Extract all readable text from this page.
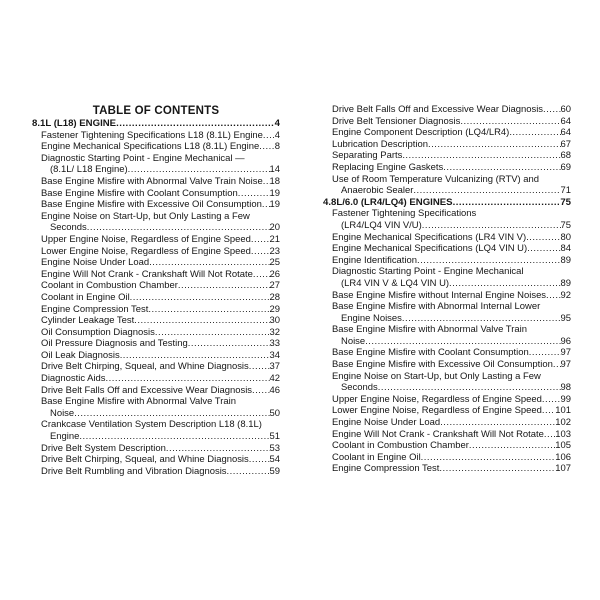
TABLE OF CONTENTS
8.1L (L18) ENGINE .....	4
Fastener Tightening Specifications L18 (8.1L) Engine ..... 4
Engine Mechanical Specifications L18 (8.1L) Engine ..... 8
Diagnostic Starting Point - Engine Mechanical —
(8.1L/ L18 Engine) .....	14
Base Engine Misfire with Abnormal Valve Train Noise ..... 18
Base Engine Misfire with Coolant Consumption .....	19
Base Engine Misfire with Excessive Oil Consumption ..... 19
Engine Noise on Start-Up, but Only Lasting a Few
Seconds .....	20
Upper Engine Noise, Regardless of Engine Speed ..... 21
Lower Engine Noise, Regardless of Engine Speed ..... 23
Engine Noise Under Load .....	25
Engine Will Not Crank - Crankshaft Will Not Rotate ..... 26
Coolant in Combustion Chamber .....	27
Coolant in Engine Oil .....	28
Engine Compression Test .....	29
Cylinder Leakage Test .....	30
Oil Consumption Diagnosis .....	32
Oil Pressure Diagnosis and Testing .....	33
Oil Leak Diagnosis .....	34
Drive Belt Chirping, Squeal, and Whine Diagnosis ..... 37
Diagnostic Aids .....	42
Drive Belt Falls Off and Excessive Wear Diagnosis ..... 46
Base Engine Misfire with Abnormal Valve Train
Noise .....	50
Crankcase Ventilation System Description L18 (8.1L)
Engine .....	51
Drive Belt System Description .....	53
Drive Belt Chirping, Squeal, and Whine Diagnosis ..... 54
Drive Belt Rumbling and Vibration Diagnosis .....	59
Drive Belt Falls Off and Excessive Wear Diagnosis ..... 60
Drive Belt Tensioner Diagnosis .....	64
Engine Component Description (LQ4/LR4) .....	64
Lubrication Description .....	67
Separating Parts .....	68
Replacing Engine Gaskets .....	69
Use of Room Temperature Vulcanizing (RTV) and
Anaerobic Sealer .....	71
4.8L/6.0 (LR4/LQ4) ENGINES .....	75
Fastener Tightening Specifications
(LR4/LQ4 VIN V/U) .....	75
Engine Mechanical Specifications (LR4 VIN V) .....	80
Engine Mechanical Specifications (LQ4 VIN U) .....	84
Engine Identification .....	89
Diagnostic Starting Point - Engine Mechanical
(LR4 VIN V & LQ4 VIN U) .....	89
Base Engine Misfire without Internal Engine Noises ..... 92
Base Engine Misfire with Abnormal Internal Lower
Engine Noises .....	95
Base Engine Misfire with Abnormal Valve Train
Noise .....	96
Base Engine Misfire with Coolant Consumption .....	97
Base Engine Misfire with Excessive Oil Consumption ..... 97
Engine Noise on Start-Up, but Only Lasting a Few
Seconds .....	98
Upper Engine Noise, Regardless of Engine Speed ..... 99
Lower Engine Noise, Regardless of Engine Speed ..... 101
Engine Noise Under Load .....	102
Engine Will Not Crank - Crankshaft Will Not Rotate ..... 103
Coolant in Combustion Chamber .....	105
Coolant in Engine Oil .....	106
Engine Compression Test .....	107
